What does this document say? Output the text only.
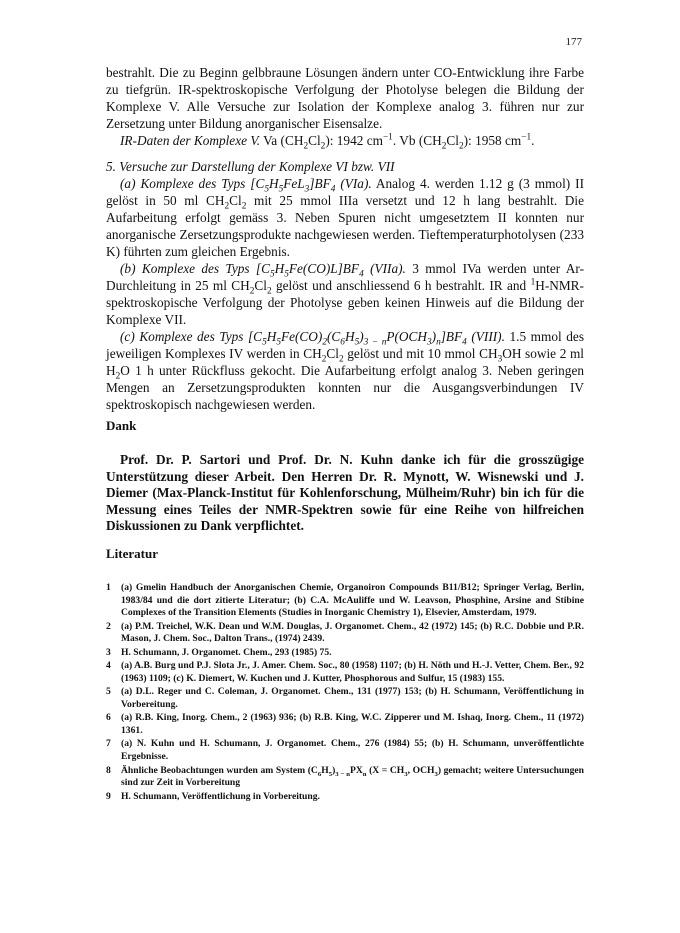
177

bestrahlt. Die zu Beginn gelbbraune Lösungen ändern unter CO-Entwicklung ihre Farbe zu tiefgrün. IR-spektroskopische Verfolgung der Photolyse belegen die Bildung der Komplexe V. Alle Versuche zur Isolation der Komplexe analog 3. führen nur zur Zersetzung unter Bildung anorganischer Eisensalze.

IR-Daten der Komplexe V. Va $(CH_2Cl_2)$: 1942 $cm^{-1}$. Vb $(CH_2Cl_2)$: 1958 $cm^{-1}$.

5. Versuche zur Darstellung der Komplexe VI bzw. VII

(a) Komplexe des Typs $[C_5H_5FeL_3]BF_4$ (VIa). Analog 4. werden 1.12 g (3 mmol) II gelöst in 50 ml $CH_2Cl_2$ mit 25 mmol IIIa versetzt und 12 h lang bestrahlt. Die Aufarbeitung erfolgt gemäss 3. Neben Spuren nicht umgesetztem II konnten nur anorganische Zersetzungsprodukte nachgewiesen werden. Tieftemperaturphotolysen (233 K) führten zum gleichen Ergebnis.

(b) Komplexe des Typs $[C_5H_5Fe(CO)L]BF_4$ (VIIa). 3 mmol IVa werden unter Ar-Durchleitung in 25 ml $CH_2Cl_2$ gelöst und anschliessend 6 h bestrahlt. IR and $^1$H-NMR-spektroskopische Verfolgung der Photolyse geben keinen Hinweis auf die Bildung der Komplexe VII.

(c) Komplexe des Typs $[C_5H_5Fe(CO)_2(C_6H_5)_{3 - n}P(OCH_3)_n]BF_4$ (VIII). 1.5 mmol des jeweiligen Komplexes IV werden in $CH_2Cl_2$ gelöst und mit 10 mmol $CH_3OH$ sowie 2 ml $H_2O$ 1 h unter Rückfluss gekocht. Die Aufarbeitung erfolgt analog 3. Neben geringen Mengen an Zersetzungsprodukten konnten nur die Ausgangsverbindungen IV spektroskopisch nachgewiesen werden.

Dank

Prof. Dr. P. Sartori und Prof. Dr. N. Kuhn danke ich für die grosszügige Unterstützung dieser Arbeit. Den Herren Dr. R. Mynott, W. Wisnewski und J. Diemer (Max-Planck-Institut für Kohlenforschung, Mülheim/Ruhr) bin ich für die Messung eines Teiles der NMR-Spektren sowie für eine Reihe von hilfreichen Diskussionen zu Dank verpflichtet.

Literatur
1 (a) Gmelin Handbuch der Anorganischen Chemie, Organoiron Compounds B11/B12; Springer Verlag, Berlin, 1983/84 und die dort zitierte Literatur; (b) C.A. McAuliffe und W. Leavson, Phosphine, Arsine and Stibine Complexes of the Transition Elements (Studies in Inorganic Chemistry 1), Elsevier, Amsterdam, 1979.
2 (a) P.M. Treichel, W.K. Dean und W.M. Douglas, J. Organomet. Chem., 42 (1972) 145; (b) R.C. Dobbie und P.R. Mason, J. Chem. Soc., Dalton Trans., (1974) 2439.
3 H. Schumann, J. Organomet. Chem., 293 (1985) 75.
4 (a) A.B. Burg und P.J. Slota Jr., J. Amer. Chem. Soc., 80 (1958) 1107; (b) H. Nöth und H.-J. Vetter, Chem. Ber., 92 (1963) 1109; (c) K. Diemert, W. Kuchen und J. Kutter, Phosphorous and Sulfur, 15 (1983) 155.
5 (a) D.L. Reger und C. Coleman, J. Organomet. Chem., 131 (1977) 153; (b) H. Schumann, Veröffentlichung in Vorbereitung.
6 (a) R.B. King, Inorg. Chem., 2 (1963) 936; (b) R.B. King, W.C. Zipperer und M. Ishaq, Inorg. Chem., 11 (1972) 1361.
7 (a) N. Kuhn und H. Schumann, J. Organomet. Chem., 276 (1984) 55; (b) H. Schumann, unveröffentlichte Ergebnisse.
8 Ähnliche Beobachtungen wurden am System $(C_6H_5)_{3 - n}PX_n$ ($X = CH_3$, $OCH_3$) gemacht; weitere Untersuchungen sind zur Zeit in Vorbereitung
9 H. Schumann, Veröffentlichung in Vorbereitung.
